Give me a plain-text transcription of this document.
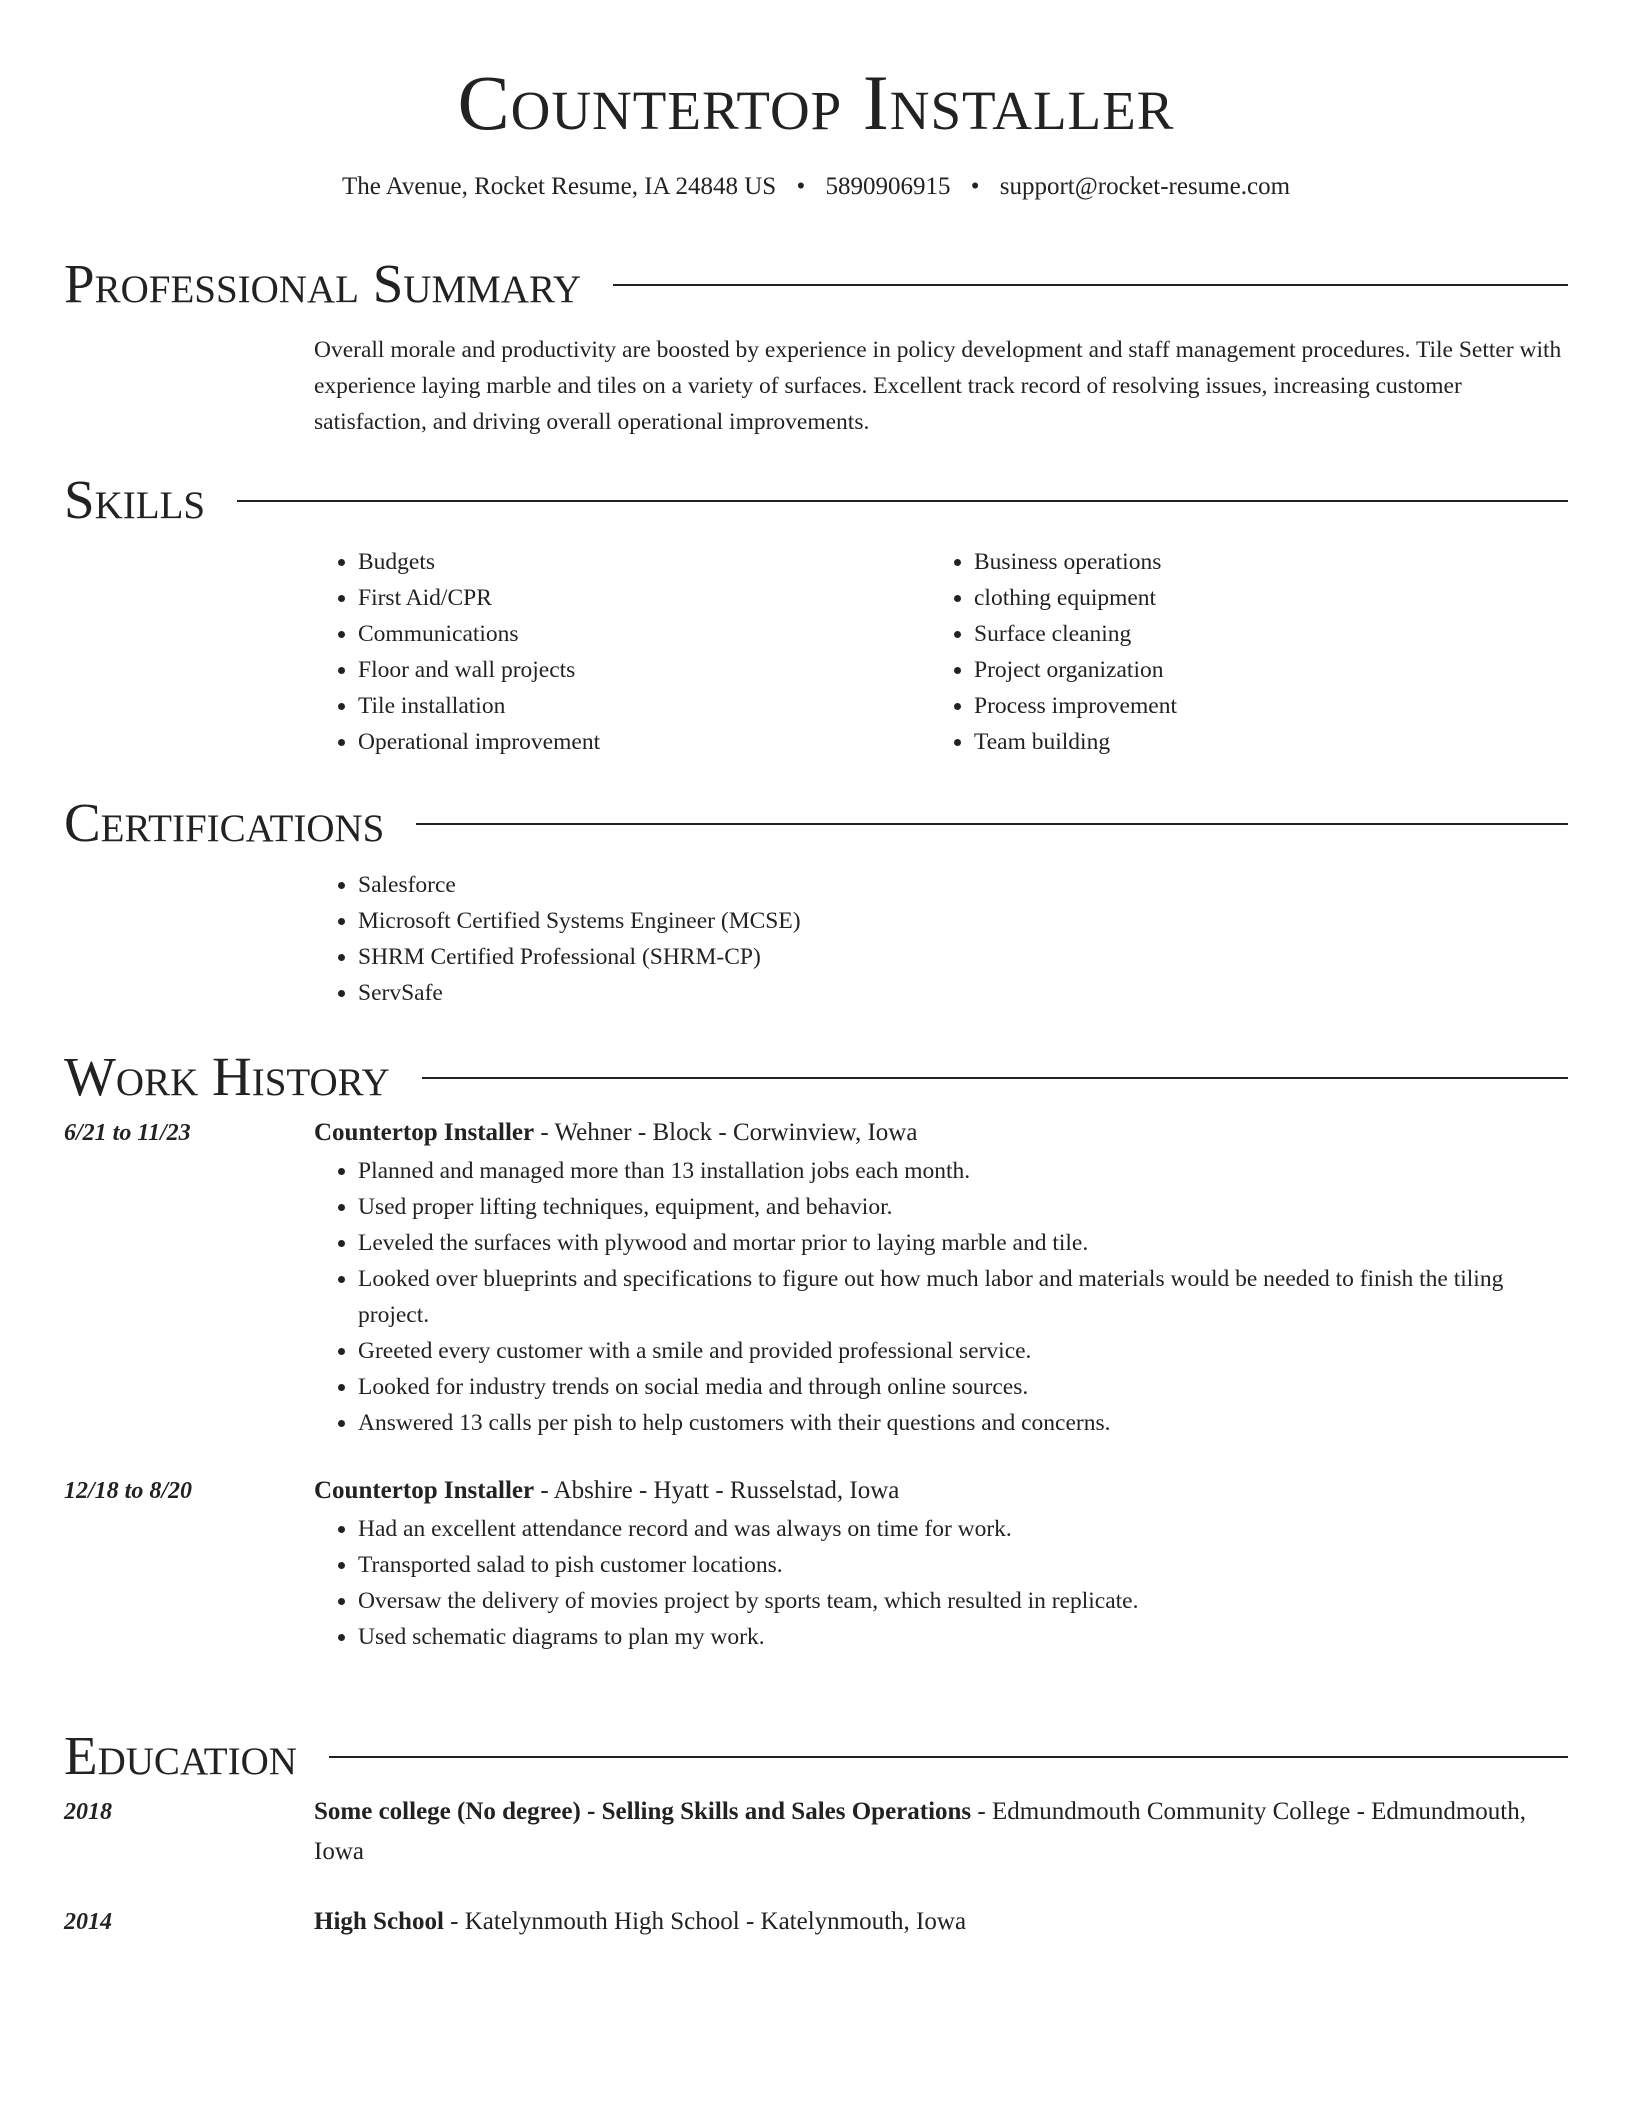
Countertop Installer
The Avenue, Rocket Resume, IA 24848 US • 5890906915 • support@rocket-resume.com
Professional Summary
Overall morale and productivity are boosted by experience in policy development and staff management procedures. Tile Setter with experience laying marble and tiles on a variety of surfaces. Excellent track record of resolving issues, increasing customer satisfaction, and driving overall operational improvements.
Skills
• Budgets
• First Aid/CPR
• Communications
• Floor and wall projects
• Tile installation
• Operational improvement
• Business operations
• clothing equipment
• Surface cleaning
• Project organization
• Process improvement
• Team building
Certifications
• Salesforce
• Microsoft Certified Systems Engineer (MCSE)
• SHRM Certified Professional (SHRM-CP)
• ServSafe
Work History
6/21 to 11/23	Countertop Installer - Wehner - Block - Corwinview, Iowa
• Planned and managed more than 13 installation jobs each month.
• Used proper lifting techniques, equipment, and behavior.
• Leveled the surfaces with plywood and mortar prior to laying marble and tile.
• Looked over blueprints and specifications to figure out how much labor and materials would be needed to finish the tiling project.
• Greeted every customer with a smile and provided professional service.
• Looked for industry trends on social media and through online sources.
• Answered 13 calls per pish to help customers with their questions and concerns.
12/18 to 8/20	Countertop Installer - Abshire - Hyatt - Russelstad, Iowa
• Had an excellent attendance record and was always on time for work.
• Transported salad to pish customer locations.
• Oversaw the delivery of movies project by sports team, which resulted in replicate.
• Used schematic diagrams to plan my work.
Education
2018	Some college (No degree) - Selling Skills and Sales Operations - Edmundmouth Community College - Edmundmouth, Iowa
2014	High School - Katelynmouth High School - Katelynmouth, Iowa
